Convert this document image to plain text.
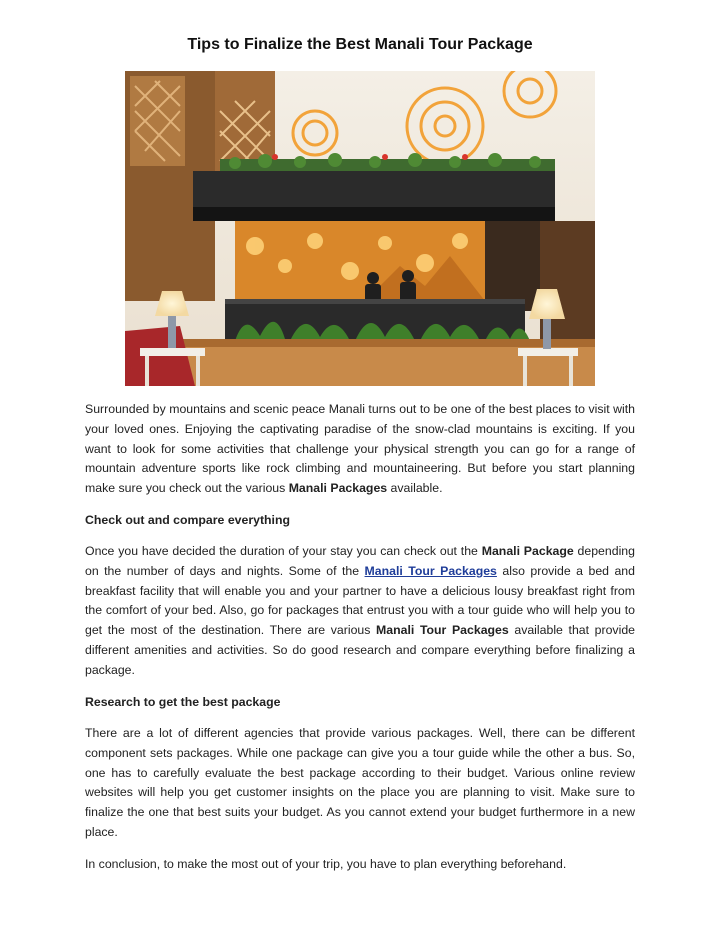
Tips to Finalize the Best Manali Tour Package

Surrounded by mountains and scenic peace Manali turns out to be one of the best places to visit with your loved ones. Enjoying the captivating paradise of the snow-clad mountains is exciting. If you want to look for some activities that challenge your physical strength you can go for a range of mountain adventure sports like rock climbing and mountaineering. But before you start planning make sure you check out the various Manali Packages available.

Check out and compare everything

Once you have decided the duration of your stay you can check out the Manali Package depending on the number of days and nights. Some of the Manali Tour Packages also provide a bed and breakfast facility that will enable you and your partner to have a delicious lousy breakfast right from the comfort of your bed. Also, go for packages that entrust you with a tour guide who will help you to get the most of the destination. There are various Manali Tour Packages available that provide different amenities and activities. So do good research and compare everything before finalizing a package.

Research to get the best package

There are a lot of different agencies that provide various packages. Well, there can be different component sets packages. While one package can give you a tour guide while the other a bus. So, one has to carefully evaluate the best package according to their budget. Various online review websites will help you get customer insights on the place you are planning to visit. Make sure to finalize the one that best suits your budget. As you cannot extend your budget furthermore in a new place.

In conclusion, to make the most out of your trip, you have to plan everything beforehand.
